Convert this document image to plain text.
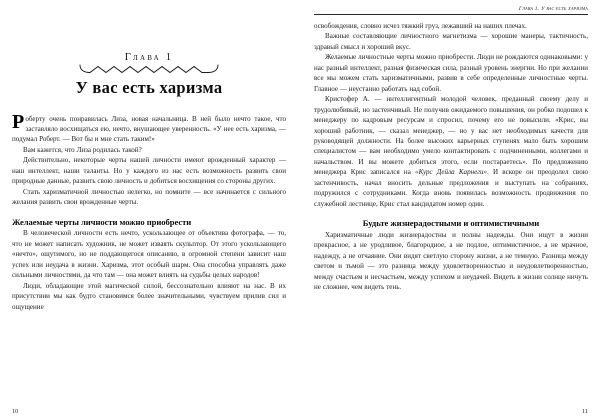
Глава 1
У вас есть харизма

Роберту очень понравилась Лиза, новая начальница. В ней было нечто такое, что заставляло восхищаться ею, нечто, внушающее уверенность. «У нее есть харизма, — подумал Роберт. — Вот бы и мне стать таким!»

Вам кажется, что Лиза родилась такой?

Действительно, некоторые черты нашей личности имеют врожденный характер — наш интеллект, наши таланты. Но у каждого из нас есть возможность развить свои природные данные, развить свою личность и добиться восхищения со стороны других.

Стать харизматичной личностью нелегко, но помните — все начинается с сильного желания развить свои врожденные черты.

Желаемые черты личности можно приобрести

В человеческой личности есть нечто, ускользающее от объектива фотографа, — то, что не может написать художник, не может изваять скульптор. От этого ускользающего «нечто», ощутимого, но не поддающегося описанию, в огромной степени зависит наш успех или неудача в жизни. Харизма, этот особый шарм. Она способна управлять даже сильными личностями, да что там — она может влиять на судьбы целых народов!

Люди, обладающие этой магической силой, бессознательно влияют на нас. В их присутствии мы как будто становимся более значительными, чувствуем прилив сил и ощущение

10
Глава 1. У вас есть харизма

освобождения, словно исчез тяжкий груз, лежавший на наших плечах.

Важные составляющие личностного магнетизма — хорошие манеры, тактичность, здравый смысл и хороший вкус.

Желаемые личностные черты можно приобрести. Люди не рождаются одинаковыми: у нас разный интеллект, разная физическая сила, разный уровень энергии. Но при желании все мы можем стать харизматичными, развив в себе определенные личностные черты. Главное — неустанно работать над собой.

Кристофер А. — интеллигентный молодой человек, преданный своему делу и трудолюбивый, но застенчивый. Не получив ожидаемого повышения, он робко подошел к менеджеру по кадровым ресурсам и спросил, почему его не повысили. «Крис, вы хороший работник, — сказал менеджер, — но у вас нет необходимых качеств для руководящей должности. На более высоких карьерных ступенях мало быть хорошим специалистом — вам необходимо умело контактировать с подчиненными, коллегами и начальством. И вы можете добиться этого, если постараетесь». По предложению менеджера Крис записался на «Курс Дейла Карнеги». И вскоре он преодолел свою застенчивость, начал вносить дельные предложения и выступать на собраниях, подружился с сотрудниками. Когда вновь появилась возможность продвижения по служебной лестнице, Крис стал кандидатом номер один.

Будьте жизнерадостными и оптимистичными

Харизматичные люди жизнерадостны и полны надежды. Они ищут в жизни прекрасное, а не уродливое, благородное, а не подлое, оптимистичное, а не мрачное, надежду, а не отчаяние. Они видят светлую сторону жизни, а не темную. Разница между светом и тьмой — это разница между удовлетворенностью и неудовлетворенностью, между счастьем и несчастьем, между успехом и неудачей. Видеть в жизни солнце ничуть не сложнее, чем видеть тень.

11
